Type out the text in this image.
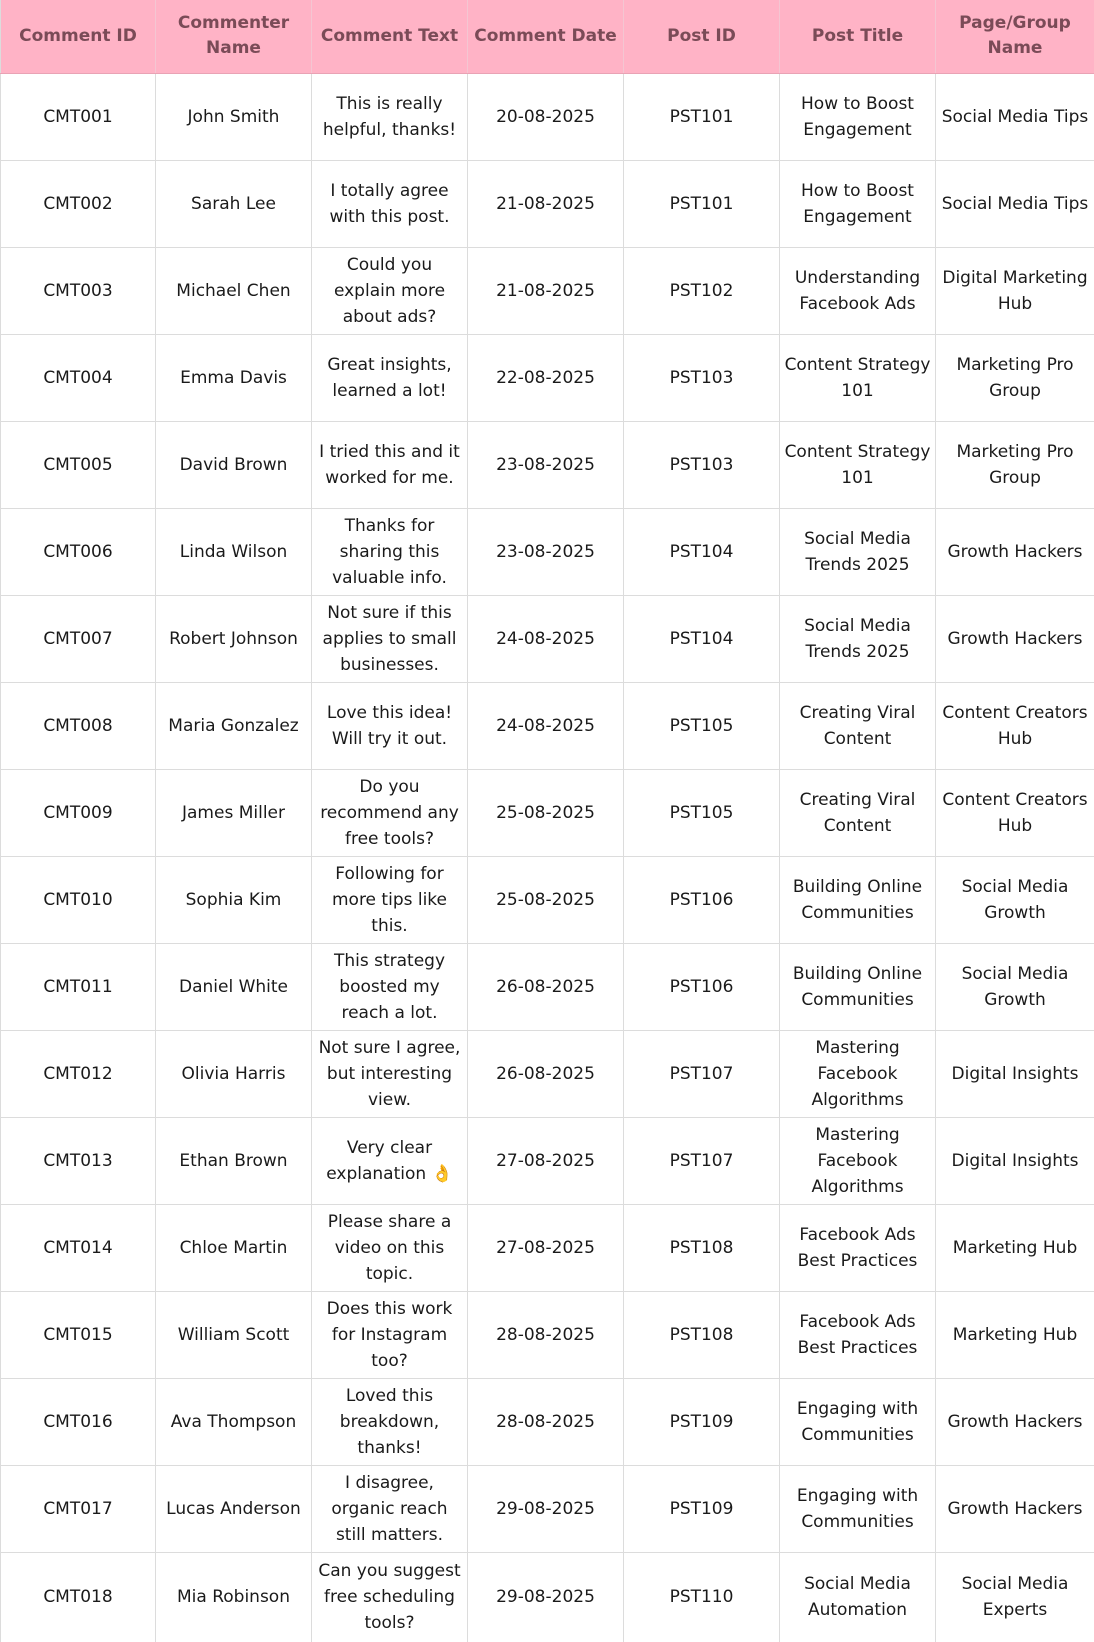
Comment ID	Commenter Name	Comment Text	Comment Date	Post ID	Post Title	Page/Group Name
CMT001	John Smith	This is really helpful, thanks!	20-08-2025	PST101	How to Boost Engagement	Social Media Tips
CMT002	Sarah Lee	I totally agree with this post.	21-08-2025	PST101	How to Boost Engagement	Social Media Tips
CMT003	Michael Chen	Could you explain more about ads?	21-08-2025	PST102	Understanding Facebook Ads	Digital Marketing Hub
CMT004	Emma Davis	Great insights, learned a lot!	22-08-2025	PST103	Content Strategy 101	Marketing Pro Group
CMT005	David Brown	I tried this and it worked for me.	23-08-2025	PST103	Content Strategy 101	Marketing Pro Group
CMT006	Linda Wilson	Thanks for sharing this valuable info.	23-08-2025	PST104	Social Media Trends 2025	Growth Hackers
CMT007	Robert Johnson	Not sure if this applies to small businesses.	24-08-2025	PST104	Social Media Trends 2025	Growth Hackers
CMT008	Maria Gonzalez	Love this idea! Will try it out.	24-08-2025	PST105	Creating Viral Content	Content Creators Hub
CMT009	James Miller	Do you recommend any free tools?	25-08-2025	PST105	Creating Viral Content	Content Creators Hub
CMT010	Sophia Kim	Following for more tips like this.	25-08-2025	PST106	Building Online Communities	Social Media Growth
CMT011	Daniel White	This strategy boosted my reach a lot.	26-08-2025	PST106	Building Online Communities	Social Media Growth
CMT012	Olivia Harris	Not sure I agree, but interesting view.	26-08-2025	PST107	Mastering Facebook Algorithms	Digital Insights
CMT013	Ethan Brown	Very clear explanation 👌	27-08-2025	PST107	Mastering Facebook Algorithms	Digital Insights
CMT014	Chloe Martin	Please share a video on this topic.	27-08-2025	PST108	Facebook Ads Best Practices	Marketing Hub
CMT015	William Scott	Does this work for Instagram too?	28-08-2025	PST108	Facebook Ads Best Practices	Marketing Hub
CMT016	Ava Thompson	Loved this breakdown, thanks!	28-08-2025	PST109	Engaging with Communities	Growth Hackers
CMT017	Lucas Anderson	I disagree, organic reach still matters.	29-08-2025	PST109	Engaging with Communities	Growth Hackers
CMT018	Mia Robinson	Can you suggest free scheduling tools?	29-08-2025	PST110	Social Media Automation	Social Media Experts
